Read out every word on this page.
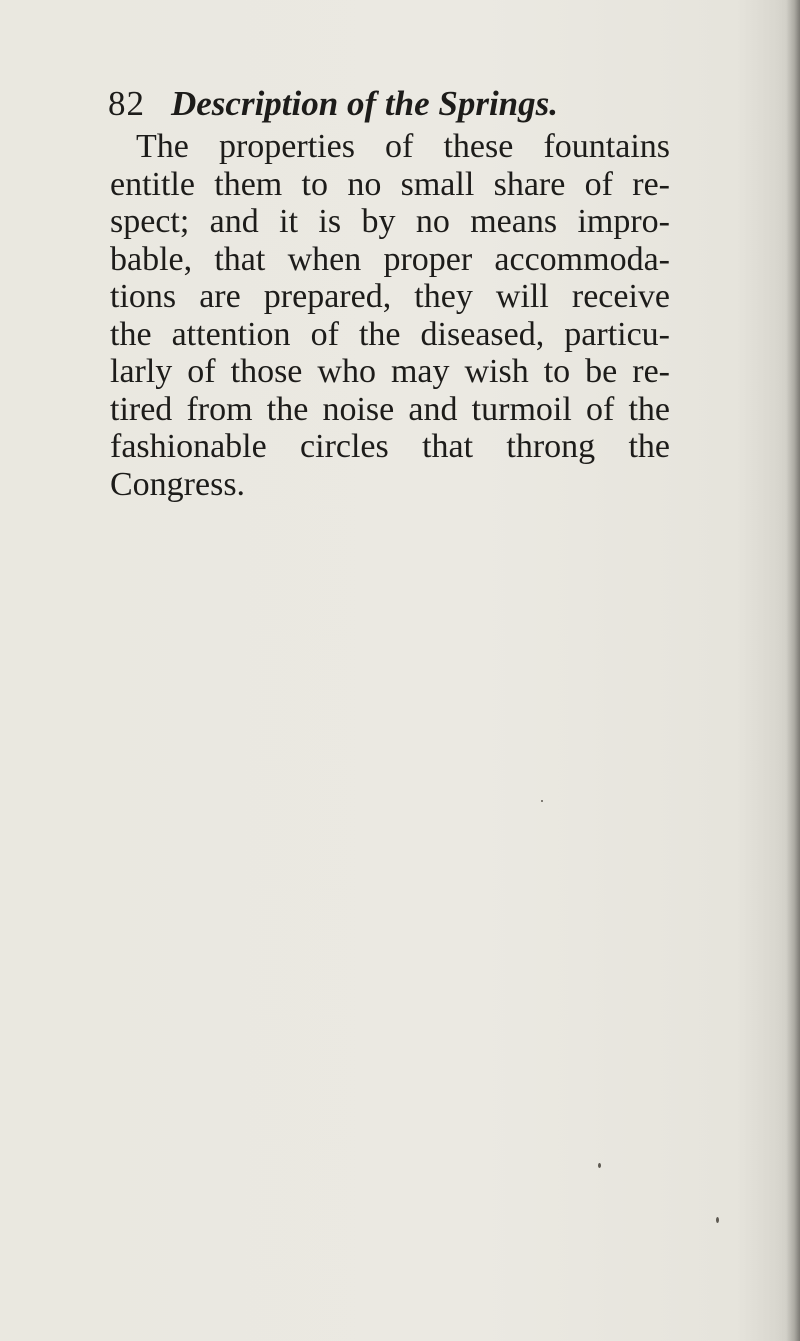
82 Description of the Springs.
The properties of these fountains
entitle them to no small share of re-
spect; and it is by no means impro-
bable, that when proper accommoda-
tions are prepared, they will receive
the attention of the diseased, particu-
larly of those who may wish to be re-
tired from the noise and turmoil of the
fashionable circles that throng the
Congress.
